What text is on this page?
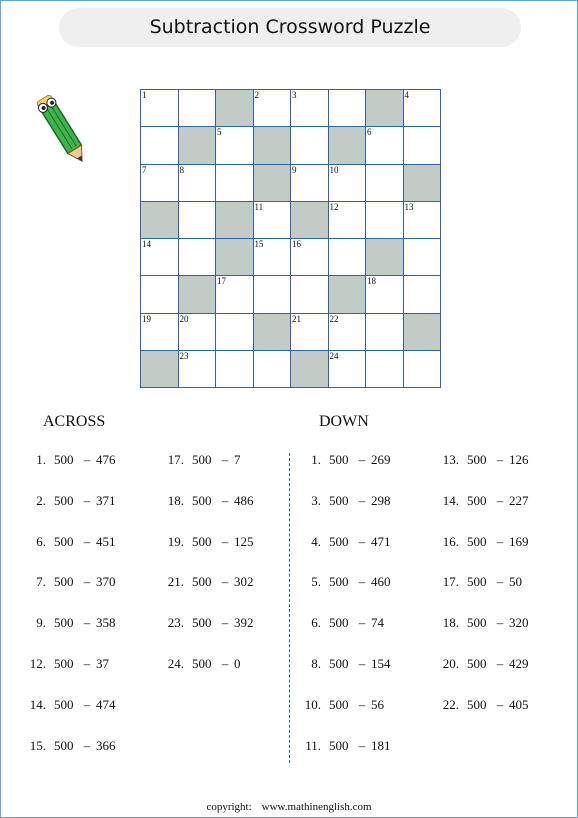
Subtraction Crossword Puzzle
1	2	3	4
5	6
7	8	9	10
11	12	13
14	15	16
17	18
19	20	21	22
23	24
ACROSS	DOWN
1. 500 – 476
2. 500 – 371
6. 500 – 451
7. 500 – 370
9. 500 – 358
12. 500 – 37
14. 500 – 474
15. 500 – 366
17. 500 – 7
18. 500 – 486
19. 500 – 125
21. 500 – 302
23. 500 – 392
24. 500 – 0
1. 500 – 269
3. 500 – 298
4. 500 – 471
5. 500 – 460
6. 500 – 74
8. 500 – 154
10. 500 – 56
11. 500 – 181
13. 500 – 126
14. 500 – 227
16. 500 – 169
17. 500 – 50
18. 500 – 320
20. 500 – 429
22. 500 – 405
copyright: www.mathinenglish.com
